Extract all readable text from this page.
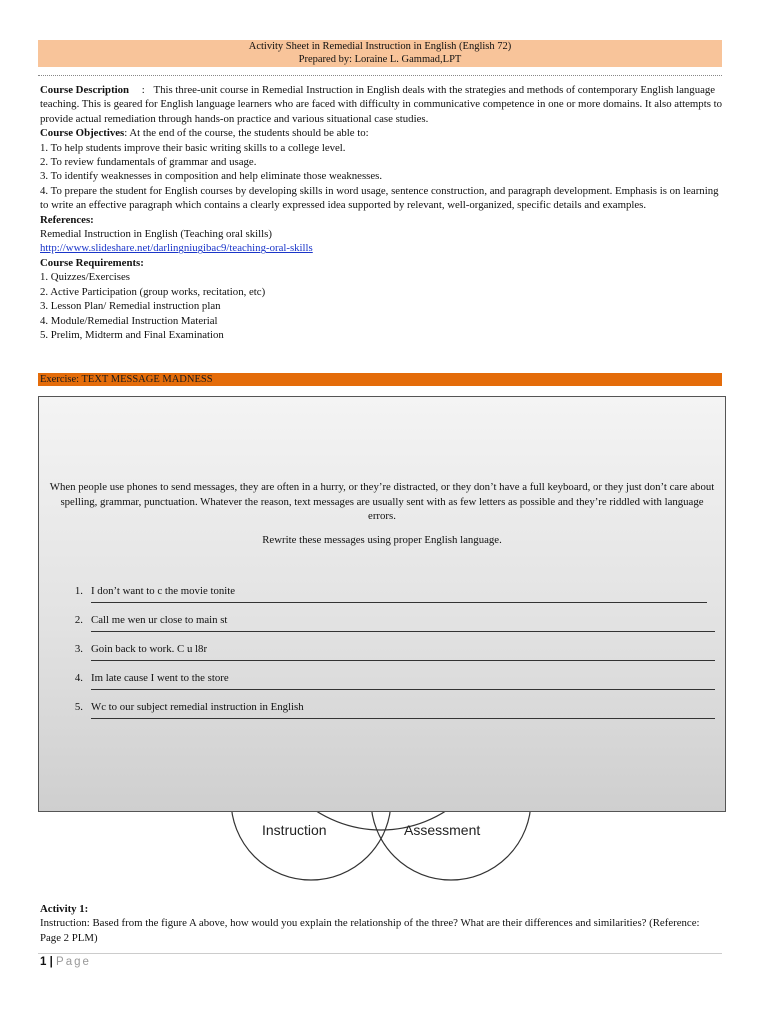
Activity Sheet in Remedial Instruction in English (English 72)
Prepared by: Loraine L. Gammad,LPT

Course Description : This three-unit course in Remedial Instruction in English deals with the strategies and methods of contemporary English language teaching. This is geared for English language learners who are faced with difficulty in communicative competence in one or more domains. It also attempts to provide actual remediation through hands-on practice and various situational case studies.

Course Objectives: At the end of the course, the students should be able to:

1. To help students improve their basic writing skills to a college level.

2. To review fundamentals of grammar and usage.

3. To identify weaknesses in composition and help eliminate those weaknesses.

4. To prepare the student for English courses by developing skills in word usage, sentence construction, and paragraph development. Emphasis is on learning to write an effective paragraph which contains a clearly expressed idea supported by relevant, well-organized, specific details and examples.

References:

Remedial Instruction in English (Teaching oral skills)

http://www.slideshare.net/darlingniugibac9/teaching-oral-skills

Course Requirements:

1. Quizzes/Exercises

2. Active Participation (group works, recitation, etc)

3. Lesson Plan/ Remedial instruction plan

4. Module/Remedial Instruction Material

5. Prelim, Midterm and Final Examination

Exercise: TEXT MESSAGE MADNESS
Instruction	Assessment
When people use phones to send messages, they are often in a hurry, or they’re distracted, or they don’t have a full keyboard, or they just don’t care about spelling, grammar, punctuation. Whatever the reason, text messages are usually sent with as few letters as possible and they’re riddled with language errors.
Rewrite these messages using proper English language.
1. I don’t want to c the movie tonite
2. Call me wen ur close to main st
3. Goin back to work. C u l8r
4. Im late cause I went to the store
5. Wc to our subject remedial instruction in English

Activity 1:

Instruction: Based from the figure A above, how would you explain the relationship of the three? What are their differences and similarities? (Reference: Page 2 PLM)

1 | Page
